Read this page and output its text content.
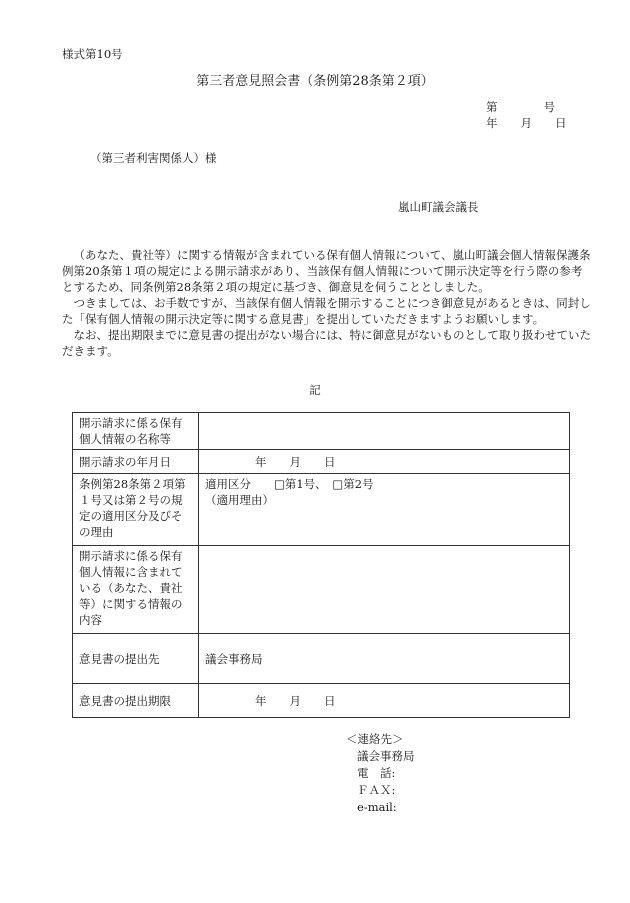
様式第10号
第三者意見照会書（条例第28条第２項）
第　　　　号
年　　月　　日
（第三者利害関係人）様
嵐山町議会議長

（あなた、貴社等）に関する情報が含まれている保有個人情報について、嵐山町議会個人情報保護条例第20条第１項の規定による開示請求があり、当該保有個人情報について開示決定等を行う際の参考とするため、同条例第28条第２項の規定に基づき、御意見を伺うこととしました。

つきましては、お手数ですが、当該保有個人情報を開示することにつき御意見があるときは、同封した「保有個人情報の開示決定等に関する意見書」を提出していただきますようお願いします。

なお、提出期限までに意見書の提出がない場合には、特に御意見がないものとして取り扱わせていただきます。

記
開示請求に係る保有個人情報の名称等	
開示請求の年月日	年　　月　　日
条例第28条第２項第１号又は第２号の規定の適用区分及びその理由	適用区分　　□第1号、　□第2号
（適用理由）

開示請求に係る保有個人情報に含まれている（あなた、貴社等）に関する情報の内容	
意見書の提出先	議会事務局
意見書の提出期限	年　　月　　日
＜連絡先＞
議会事務局
電　話:
ＦＡＸ:
e-mail:
